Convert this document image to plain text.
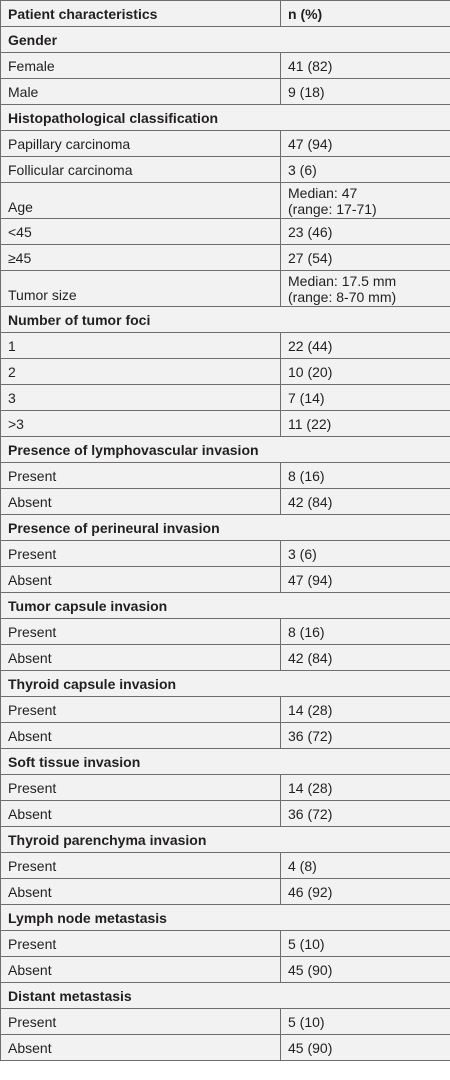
Patient characteristics	n (%)
Gender	
Female	41 (82)
Male	9 (18)
Histopathological classification	
Papillary carcinoma	47 (94)
Follicular carcinoma	3 (6)
Age	Median: 47
(range: 17-71)

<45	23 (46)
≥45	27 (54)
Tumor size	Median: 17.5 mm
(range: 8-70 mm)

Number of tumor foci	
1	22 (44)
2	10 (20)
3	7 (14)
>3	11 (22)
Presence of lymphovascular invasion	
Present	8 (16)
Absent	42 (84)
Presence of perineural invasion	
Present	3 (6)
Absent	47 (94)
Tumor capsule invasion	
Present	8 (16)
Absent	42 (84)
Thyroid capsule invasion	
Present	14 (28)
Absent	36 (72)
Soft tissue invasion	
Present	14 (28)
Absent	36 (72)
Thyroid parenchyma invasion	
Present	4 (8)
Absent	46 (92)
Lymph node metastasis	
Present	5 (10)
Absent	45 (90)
Distant metastasis	
Present	5 (10)
Absent	45 (90)
